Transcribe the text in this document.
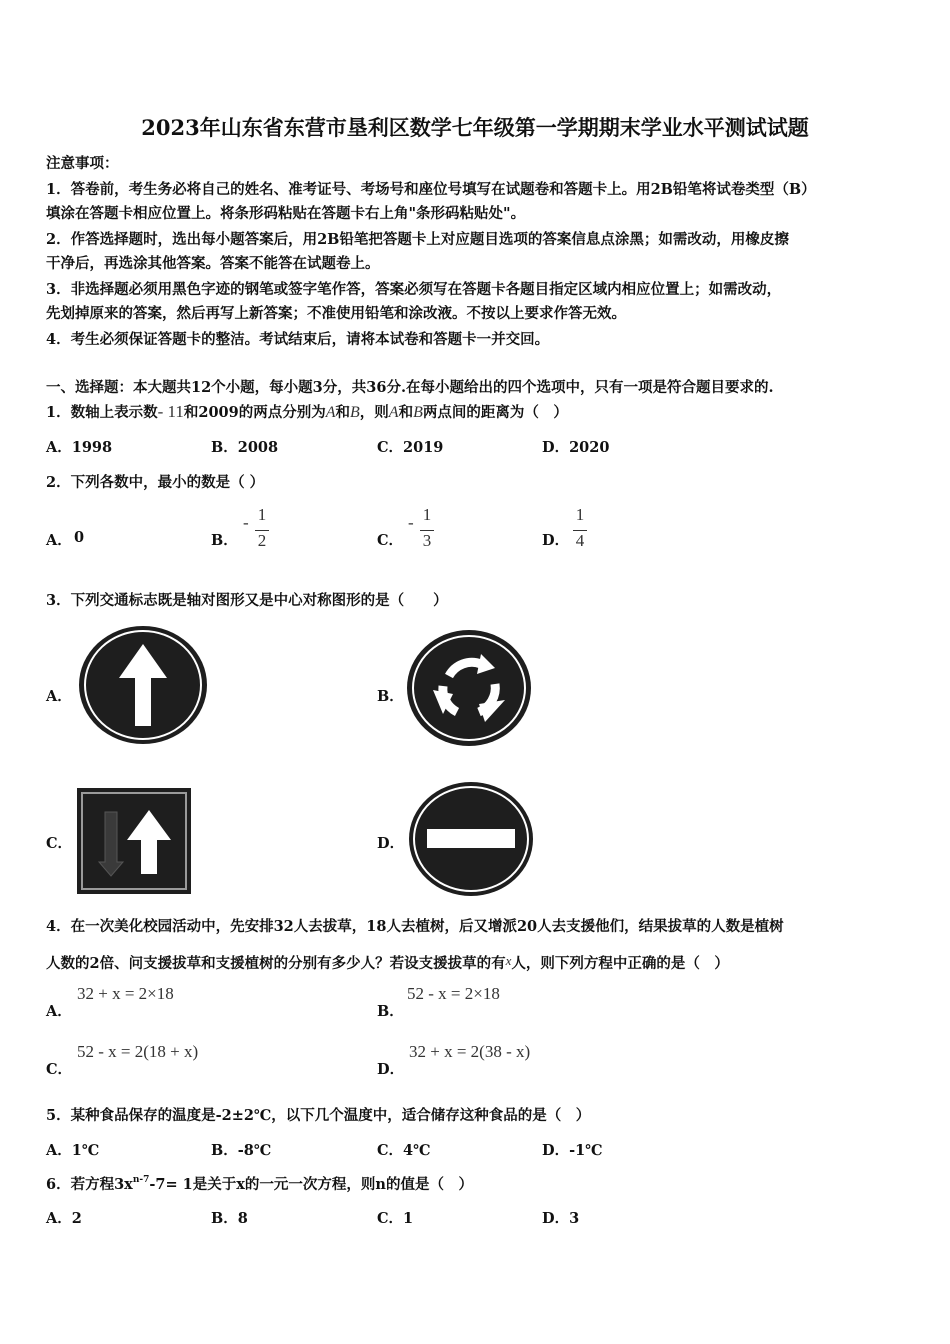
2023年山东省东营市垦利区数学七年级第一学期期末学业水平测试试题
注意事项：
1．答卷前，考生务必将自己的姓名、准考证号、考场号和座位号填写在试题卷和答题卡上。用2B铅笔将试卷类型（B）
填涂在答题卡相应位置上。将条形码粘贴在答题卡右上角"条形码粘贴处"。
2．作答选择题时，选出每小题答案后，用2B铅笔把答题卡上对应题目选项的答案信息点涂黑；如需改动，用橡皮擦
干净后，再选涂其他答案。答案不能答在试题卷上。
3．非选择题必须用黑色字迹的钢笔或签字笔作答，答案必须写在答题卡各题目指定区域内相应位置上；如需改动，
先划掉原来的答案，然后再写上新答案；不准使用铅笔和涂改液。不按以上要求作答无效。
4．考生必须保证答题卡的整洁。考试结束后，请将本试卷和答题卡一并交回。
一、选择题：本大题共12个小题，每小题3分，共36分.在每小题给出的四个选项中，只有一项是符合题目要求的.
1．数轴上表示数- 11和2009的两点分别为A和B，则A和B两点间的距离为（　）
A．1998	B．2008	C．2019	D．2020
2．下列各数中，最小的数是（ ）
A． 0	B．
- 1
2	C．
- 1
3	D．
1
4
3．下列交通标志既是轴对图形又是中心对称图形的是（　　）
A．	B．
C．	D．
4．在一次美化校园活动中，先安排32人去拔草，18人去植树，后又增派20人去支援他们，结果拔草的人数是植树
人数的2倍、问支援拔草和支援植树的分别有多少人？若设支援拔草的有x人，则下列方程中正确的是（　）
A．
32 + x = 2×18
B．
52 - x = 2×18
C．
52 - x = 2(18 + x)
D．
32 + x = 2(38 - x)
5．某种食品保存的温度是-2±2℃，以下几个温度中，适合储存这种食品的是（　）
A．1℃	B．-8℃	C．4℃	D．-1℃
6．若方程$3x^{n-7}-7= 1$是关于x的一元一次方程，则n的值是（　）
A．2	B．8	C．1	D．3
